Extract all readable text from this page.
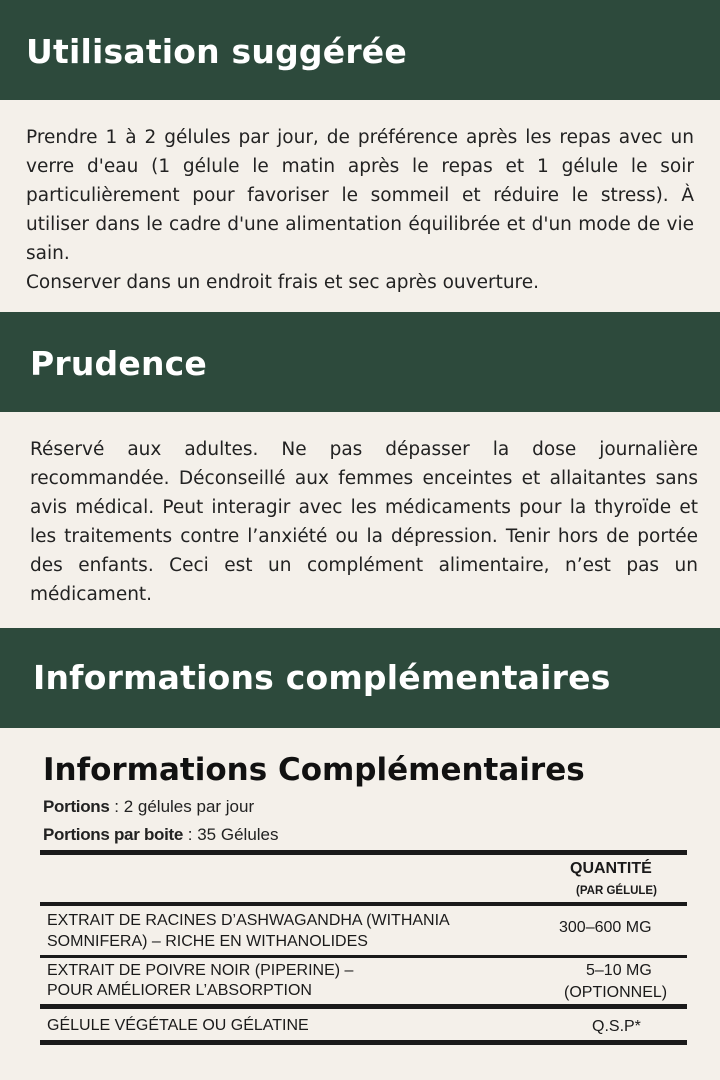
Utilisation suggérée

Prendre 1 à 2 gélules par jour, de préférence après les repas avec un verre d'eau (1 gélule le matin après le repas et 1 gélule le soir particulièrement pour favoriser le sommeil et réduire le stress). À utiliser dans le cadre d'une alimentation équilibrée et d'un mode de vie sain.

Conserver dans un endroit frais et sec après ouverture.

Prudence

Réservé aux adultes. Ne pas dépasser la dose journalière recommandée. Déconseillé aux femmes enceintes et allaitantes sans avis médical. Peut interagir avec les médicaments pour la thyroïde et les traitements contre l’anxiété ou la dépression. Tenir hors de portée des enfants. Ceci est un complément alimentaire, n’est pas un médicament.

Informations complémentaires
Informations Complémentaires
Portions : 2 gélules par jour
Portions par boite : 35 Gélules
QUANTITÉ
(PAR GÉLULE)
EXTRAIT DE RACINES D’ASHWAGANDHA (WITHANIA
SOMNIFERA) – RICHE EN WITHANOLIDES
300–600 MG
EXTRAIT DE POIVRE NOIR (PIPERINE) –
POUR AMÉLIORER L’ABSORPTION
5–10 MG
(OPTIONNEL)
GÉLULE VÉGÉTALE OU GÉLATINE	Q.S.P*
